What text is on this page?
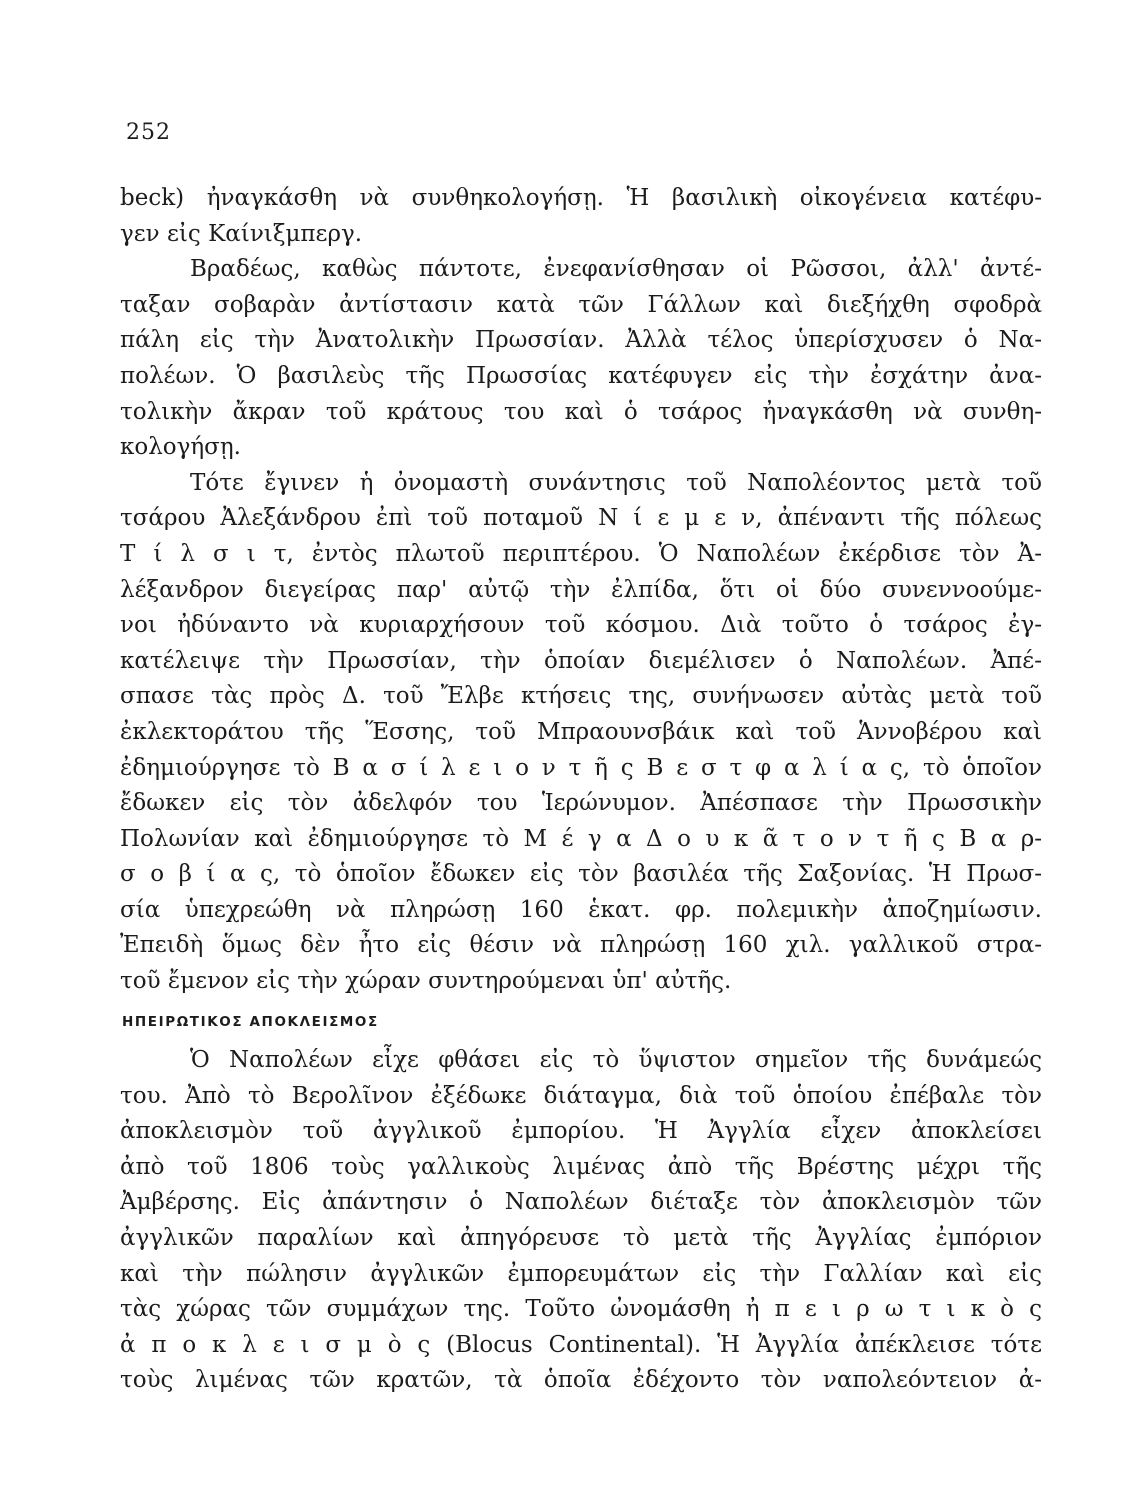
252
beck) ἠναγκάσθη νὰ συνθηκολογήσῃ. Ἡ βασιλικὴ οἰκογένεια κατέφυ-
γεν εἰς Καίνιξμπεργ.
Βραδέως, καθὼς πάντοτε, ἐνεφανίσθησαν οἱ Ρῶσσοι, ἀλλ' ἀντέ-
ταξαν σοβαρὰν ἀντίστασιν κατὰ τῶν Γάλλων καὶ διεξήχθη σφοδρὰ
πάλη εἰς τὴν Ἀνατολικὴν Πρωσσίαν. Ἀλλὰ τέλος ὑπερίσχυσεν ὁ Να-
πολέων. Ὁ βασιλεὺς τῆς Πρωσσίας κατέφυγεν εἰς τὴν ἐσχάτην ἀνα-
τολικὴν ἄκραν τοῦ κράτους του καὶ ὁ τσάρος ἠναγκάσθη νὰ συνθη-
κολογήσῃ.
Τότε ἔγινεν ἡ ὀνομαστὴ συνάντησις τοῦ Ναπολέοντος μετὰ τοῦ
τσάρου Ἀλεξάνδρου ἐπὶ τοῦ ποταμοῦ Ν ί ε μ ε ν, ἀπέναντι τῆς πόλεως
Τ ί λ σ ι τ, ἐντὸς πλωτοῦ περιπτέρου. Ὁ Ναπολέων ἐκέρδισε τὸν Ἀ-
λέξανδρον διεγείρας παρ' αὐτῷ τὴν ἐλπίδα, ὅτι οἱ δύο συνεννοούμε-
νοι ἠδύναντο νὰ κυριαρχήσουν τοῦ κόσμου. Διὰ τοῦτο ὁ τσάρος ἐγ-
κατέλειψε τὴν Πρωσσίαν, τὴν ὁποίαν διεμέλισεν ὁ Ναπολέων. Ἀπέ-
σπασε τὰς πρὸς Δ. τοῦ Ἔλβε κτήσεις της, συνήνωσεν αὐτὰς μετὰ τοῦ
ἐκλεκτοράτου τῆς Ἕσσης, τοῦ Μπραουνσβάικ καὶ τοῦ Ἁννοβέρου καὶ
ἐδημιούργησε τὸ Β α σ ί λ ε ι ο ν τ ῆ ς Β ε σ τ φ α λ ί α ς, τὸ ὁποῖον
ἔδωκεν εἰς τὸν ἀδελφόν του Ἱερώνυμον. Ἀπέσπασε τὴν Πρωσσικὴν
Πολωνίαν καὶ ἐδημιούργησε τὸ Μ έ γ α Δ ο υ κ ᾶ τ ο ν τ ῆ ς Β α ρ-
σ ο β ί α ς, τὸ ὁποῖον ἔδωκεν εἰς τὸν βασιλέα τῆς Σαξονίας. Ἡ Πρωσ-
σία ὑπεχρεώθη νὰ πληρώσῃ 160 ἑκατ. φρ. πολεμικὴν ἀποζημίωσιν.
Ἐπειδὴ ὅμως δὲν ἦτο εἰς θέσιν νὰ πληρώσῃ 160 χιλ. γαλλικοῦ στρα-
τοῦ ἔμενον εἰς τὴν χώραν συντηρούμεναι ὑπ' αὐτῆς.
ΗΠΕΙΡΩΤΙΚΟΣ ΑΠΟΚΛΕΙΣΜΟΣ
Ὁ Ναπολέων εἶχε φθάσει εἰς τὸ ὕψιστον σημεῖον τῆς δυνάμεώς
του. Ἀπὸ τὸ Βερολῖνον ἐξέδωκε διάταγμα, διὰ τοῦ ὁποίου ἐπέβαλε τὸν
ἀποκλεισμὸν τοῦ ἀγγλικοῦ ἐμπορίου. Ἡ Ἀγγλία εἶχεν ἀποκλείσει
ἀπὸ τοῦ 1806 τοὺς γαλλικοὺς λιμένας ἀπὸ τῆς Βρέστης μέχρι τῆς
Ἀμβέρσης. Εἰς ἀπάντησιν ὁ Ναπολέων διέταξε τὸν ἀποκλεισμὸν τῶν
ἀγγλικῶν παραλίων καὶ ἀπηγόρευσε τὸ μετὰ τῆς Ἀγγλίας ἐμπόριον
καὶ τὴν πώλησιν ἀγγλικῶν ἐμπορευμάτων εἰς τὴν Γαλλίαν καὶ εἰς
τὰς χώρας τῶν συμμάχων της. Τοῦτο ὠνομάσθη ἠ π ε ι ρ ω τ ι κ ὸ ς
ἀ π ο κ λ ε ι σ μ ὸ ς (Blocus Continental). Ἡ Ἀγγλία ἀπέκλεισε τότε
τοὺς λιμένας τῶν κρατῶν, τὰ ὁποῖα ἐδέχοντο τὸν ναπολεόντειον ἀ-
